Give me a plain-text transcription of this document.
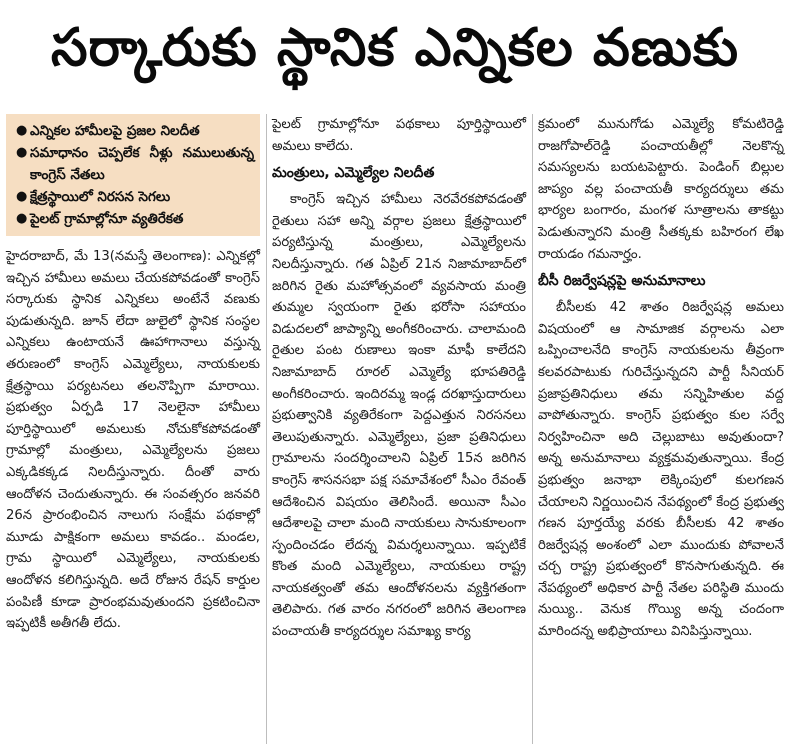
సర్కారుకు స్థానిక ఎన్నికల వణుకు
● ఎన్నికల హామీలపై ప్రజల నిలదీత
● సమాధానం చెప్పలేక నీళ్లు నములుతున్న కాంగ్రెస్ నేతలు
● క్షేత్రస్థాయిలో నిరసన సెగలు
● పైలట్ గ్రామాల్లోనూ వ్యతిరేకత

హైదరాబాద్, మే 13(నమస్తే తెలంగాణ): ఎన్నికల్లో ఇచ్చిన హామీలు అమలు చేయకపోవడంతో కాంగ్రెస్ సర్కారుకు స్థానిక ఎన్నికలు అంటేనే వణుకు పుడుతున్నది. జూన్ లేదా జులైలో స్థానిక సంస్థల ఎన్నికలు ఉంటాయనే ఊహాగానాలు వస్తున్న తరుణంలో కాంగ్రెస్ ఎమ్మెల్యేలు, నాయకులకు క్షేత్రస్థాయి పర్యటనలు తలనొప్పిగా మారాయి. ప్రభుత్వం ఏర్పడి 17 నెలలైనా హామీలు పూర్తిస్థాయిలో అమలుకు నోచుకోకపోవడంతో గ్రామాల్లో మంత్రులు, ఎమ్మెల్యేలను ప్రజలు ఎక్కడికక్కడ నిలదీస్తున్నారు. దీంతో వారు ఆందోళన చెందుతున్నారు. ఈ సంవత్సరం జనవరి 26న ప్రారంభించిన నాలుగు సంక్షేమ పథకాల్లో మూడు పాక్షికంగా అమలు కావడం.. మండల, గ్రామ స్థాయిలో ఎమ్మెల్యేలు, నాయకులకు ఆందోళన కలిగిస్తున్నది. అదే రోజున రేషన్ కార్డుల పంపిణీ కూడా ప్రారంభమవుతుందని ప్రకటించినా ఇప్పటికీ అతీగతీ లేదు.

పైలట్ గ్రామాల్లోనూ పథకాలు పూర్తిస్థాయిలో అమలు కాలేదు.

మంత్రులు, ఎమ్మెల్యేల నిలదీత

కాంగ్రెస్ ఇచ్చిన హామీలు నెరవేరకపోవడంతో రైతులు సహా అన్ని వర్గాల ప్రజలు క్షేత్రస్థాయిలో పర్యటిస్తున్న మంత్రులు, ఎమ్మెల్యేలను నిలదీస్తున్నారు. గత ఏప్రిల్ 21న నిజామాబాద్‌లో జరిగిన రైతు మహోత్సవంలో వ్యవసాయ మంత్రి తుమ్మల స్వయంగా రైతు భరోసా సహాయం విడుదలలో జాప్యాన్ని అంగీకరించారు. చాలామంది రైతుల పంట రుణాలు ఇంకా మాఫీ కాలేదని నిజామాబాద్ రూరల్ ఎమ్మెల్యే భూపతిరెడ్డి అంగీకరించారు. ఇందిరమ్మ ఇండ్ల దరఖాస్తుదారులు ప్రభుత్వానికి వ్యతిరేకంగా పెద్దఎత్తున నిరసనలు తెలుపుతున్నారు. ఎమ్మెల్యేలు, ప్రజా ప్రతినిధులు గ్రామాలను సందర్శించాలని ఏప్రిల్ 15న జరిగిన కాంగ్రెస్ శాసనసభా పక్ష సమావేశంలో సీఎం రేవంత్ ఆదేశించిన విషయం తెలిసిందే. అయినా సీఎం ఆదేశాలపై చాలా మంది నాయకులు సానుకూలంగా స్పందించడం లేదన్న విమర్శలున్నాయి. ఇప్పటికే కొంత మంది ఎమ్మెల్యేలు, నాయకులు రాష్ట్ర నాయకత్వంతో తమ ఆందోళనలను వ్యక్తిగతంగా తెలిపారు. గత వారం నగరంలో జరిగిన తెలంగాణ పంచాయతీ కార్యదర్శుల సమాఖ్య కార్య

క్రమంలో మునుగోడు ఎమ్మెల్యే కోమటిరెడ్డి రాజగోపాల్‌రెడ్డి పంచాయతీల్లో నెలకొన్న సమస్యలను బయటపెట్టారు. పెండింగ్ బిల్లుల జాప్యం వల్ల పంచాయతీ కార్యదర్శులు తమ భార్యల బంగారం, మంగళ సూత్రాలను తాకట్టు పెడుతున్నారని మంత్రి సీతక్కకు బహిరంగ లేఖ రాయడం గమనార్హం.

బీసీ రిజర్వేషన్లపై అనుమానాలు

బీసీలకు 42 శాతం రిజర్వేషన్ల అమలు విషయంలో ఆ సామాజిక వర్గాలను ఎలా ఒప్పించాలనేది కాంగ్రెస్ నాయకులను తీవ్రంగా కలవరపాటుకు గురిచేస్తున్నదని పార్టీ సీనియర్ ప్రజాప్రతినిధులు తమ సన్నిహితుల వద్ద వాపోతున్నారు. కాంగ్రెస్ ప్రభుత్వం కుల సర్వే నిర్వహించినా అది చెల్లుబాటు అవుతుందా? అన్న అనుమానాలు వ్యక్తమవుతున్నాయి. కేంద్ర ప్రభుత్వం జనాభా లెక్కింపులో కులగణన చేయాలని నిర్ణయించిన నేపథ్యంలో కేంద్ర ప్రభుత్వ గణన పూర్తయ్యే వరకు బీసీలకు 42 శాతం రిజర్వేషన్ల అంశంలో ఎలా ముందుకు పోవాలనే చర్చ రాష్ట్ర ప్రభుత్వంలో కొనసాగుతున్నది. ఈ నేపథ్యంలో అధికార పార్టీ నేతల పరిస్థితి ముందు నుయ్యి.. వెనుక గొయ్యి అన్న చందంగా మారిందన్న అభిప్రాయాలు వినిపిస్తున్నాయి.
